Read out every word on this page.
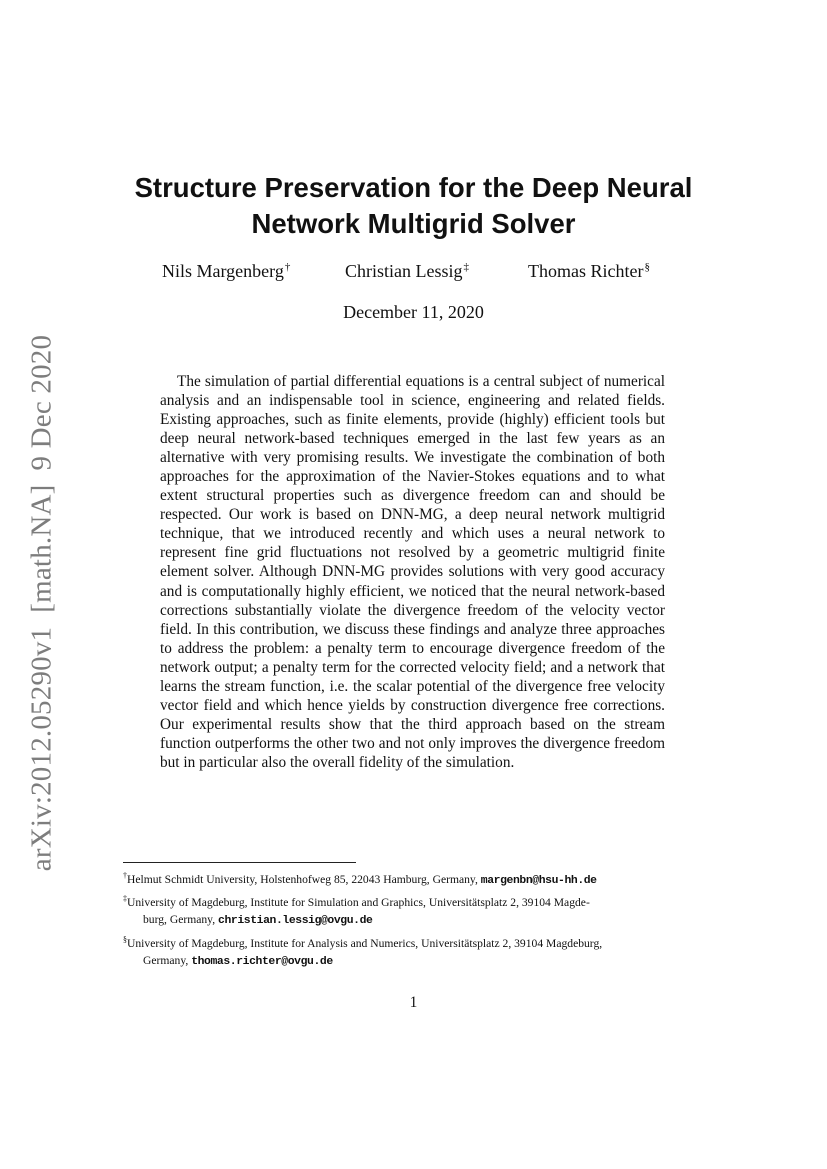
arXiv:2012.05290v1[math.NA]9 Dec 2020
Structure Preservation for the Deep Neural
Network Multigrid Solver
Nils Margenberg†	Christian Lessig‡	Thomas Richter§
December 11, 2020

The simulation of partial differential equations is a central subject of numerical analysis and an indispensable tool in science, engineering and related fields. Existing approaches, such as finite elements, provide (highly) efficient tools but deep neural network-based techniques emerged in the last few years as an alternative with very promising results. We investigate the combination of both approaches for the approximation of the Navier-Stokes equations and to what extent structural properties such as divergence freedom can and should be respected. Our work is based on DNN-MG, a deep neural network multigrid technique, that we introduced recently and which uses a neural network to represent fine grid fluctuations not resolved by a geometric multigrid finite element solver. Although DNN-MG provides solutions with very good accuracy and is computationally highly efficient, we noticed that the neural network-based corrections substantially violate the divergence freedom of the velocity vector field. In this contribution, we discuss these findings and analyze three approaches to address the problem: a penalty term to encourage divergence freedom of the network output; a penalty term for the corrected velocity field; and a network that learns the stream function, i.e. the scalar potential of the divergence free velocity vector field and which hence yields by construction divergence free corrections. Our experimental results show that the third approach based on the stream function outperforms the other two and not only improves the divergence freedom but in particular also the overall fidelity of the simulation.

†Helmut Schmidt University, Holstenhofweg 85, 22043 Hamburg, Germany, margenbn@hsu-hh.de
‡University of Magdeburg, Institute for Simulation and Graphics, Universitätsplatz 2, 39104 Magde-
burg, Germany, christian.lessig@ovgu.de
§University of Magdeburg, Institute for Analysis and Numerics, Universitätsplatz 2, 39104 Magdeburg,
Germany, thomas.richter@ovgu.de
1
